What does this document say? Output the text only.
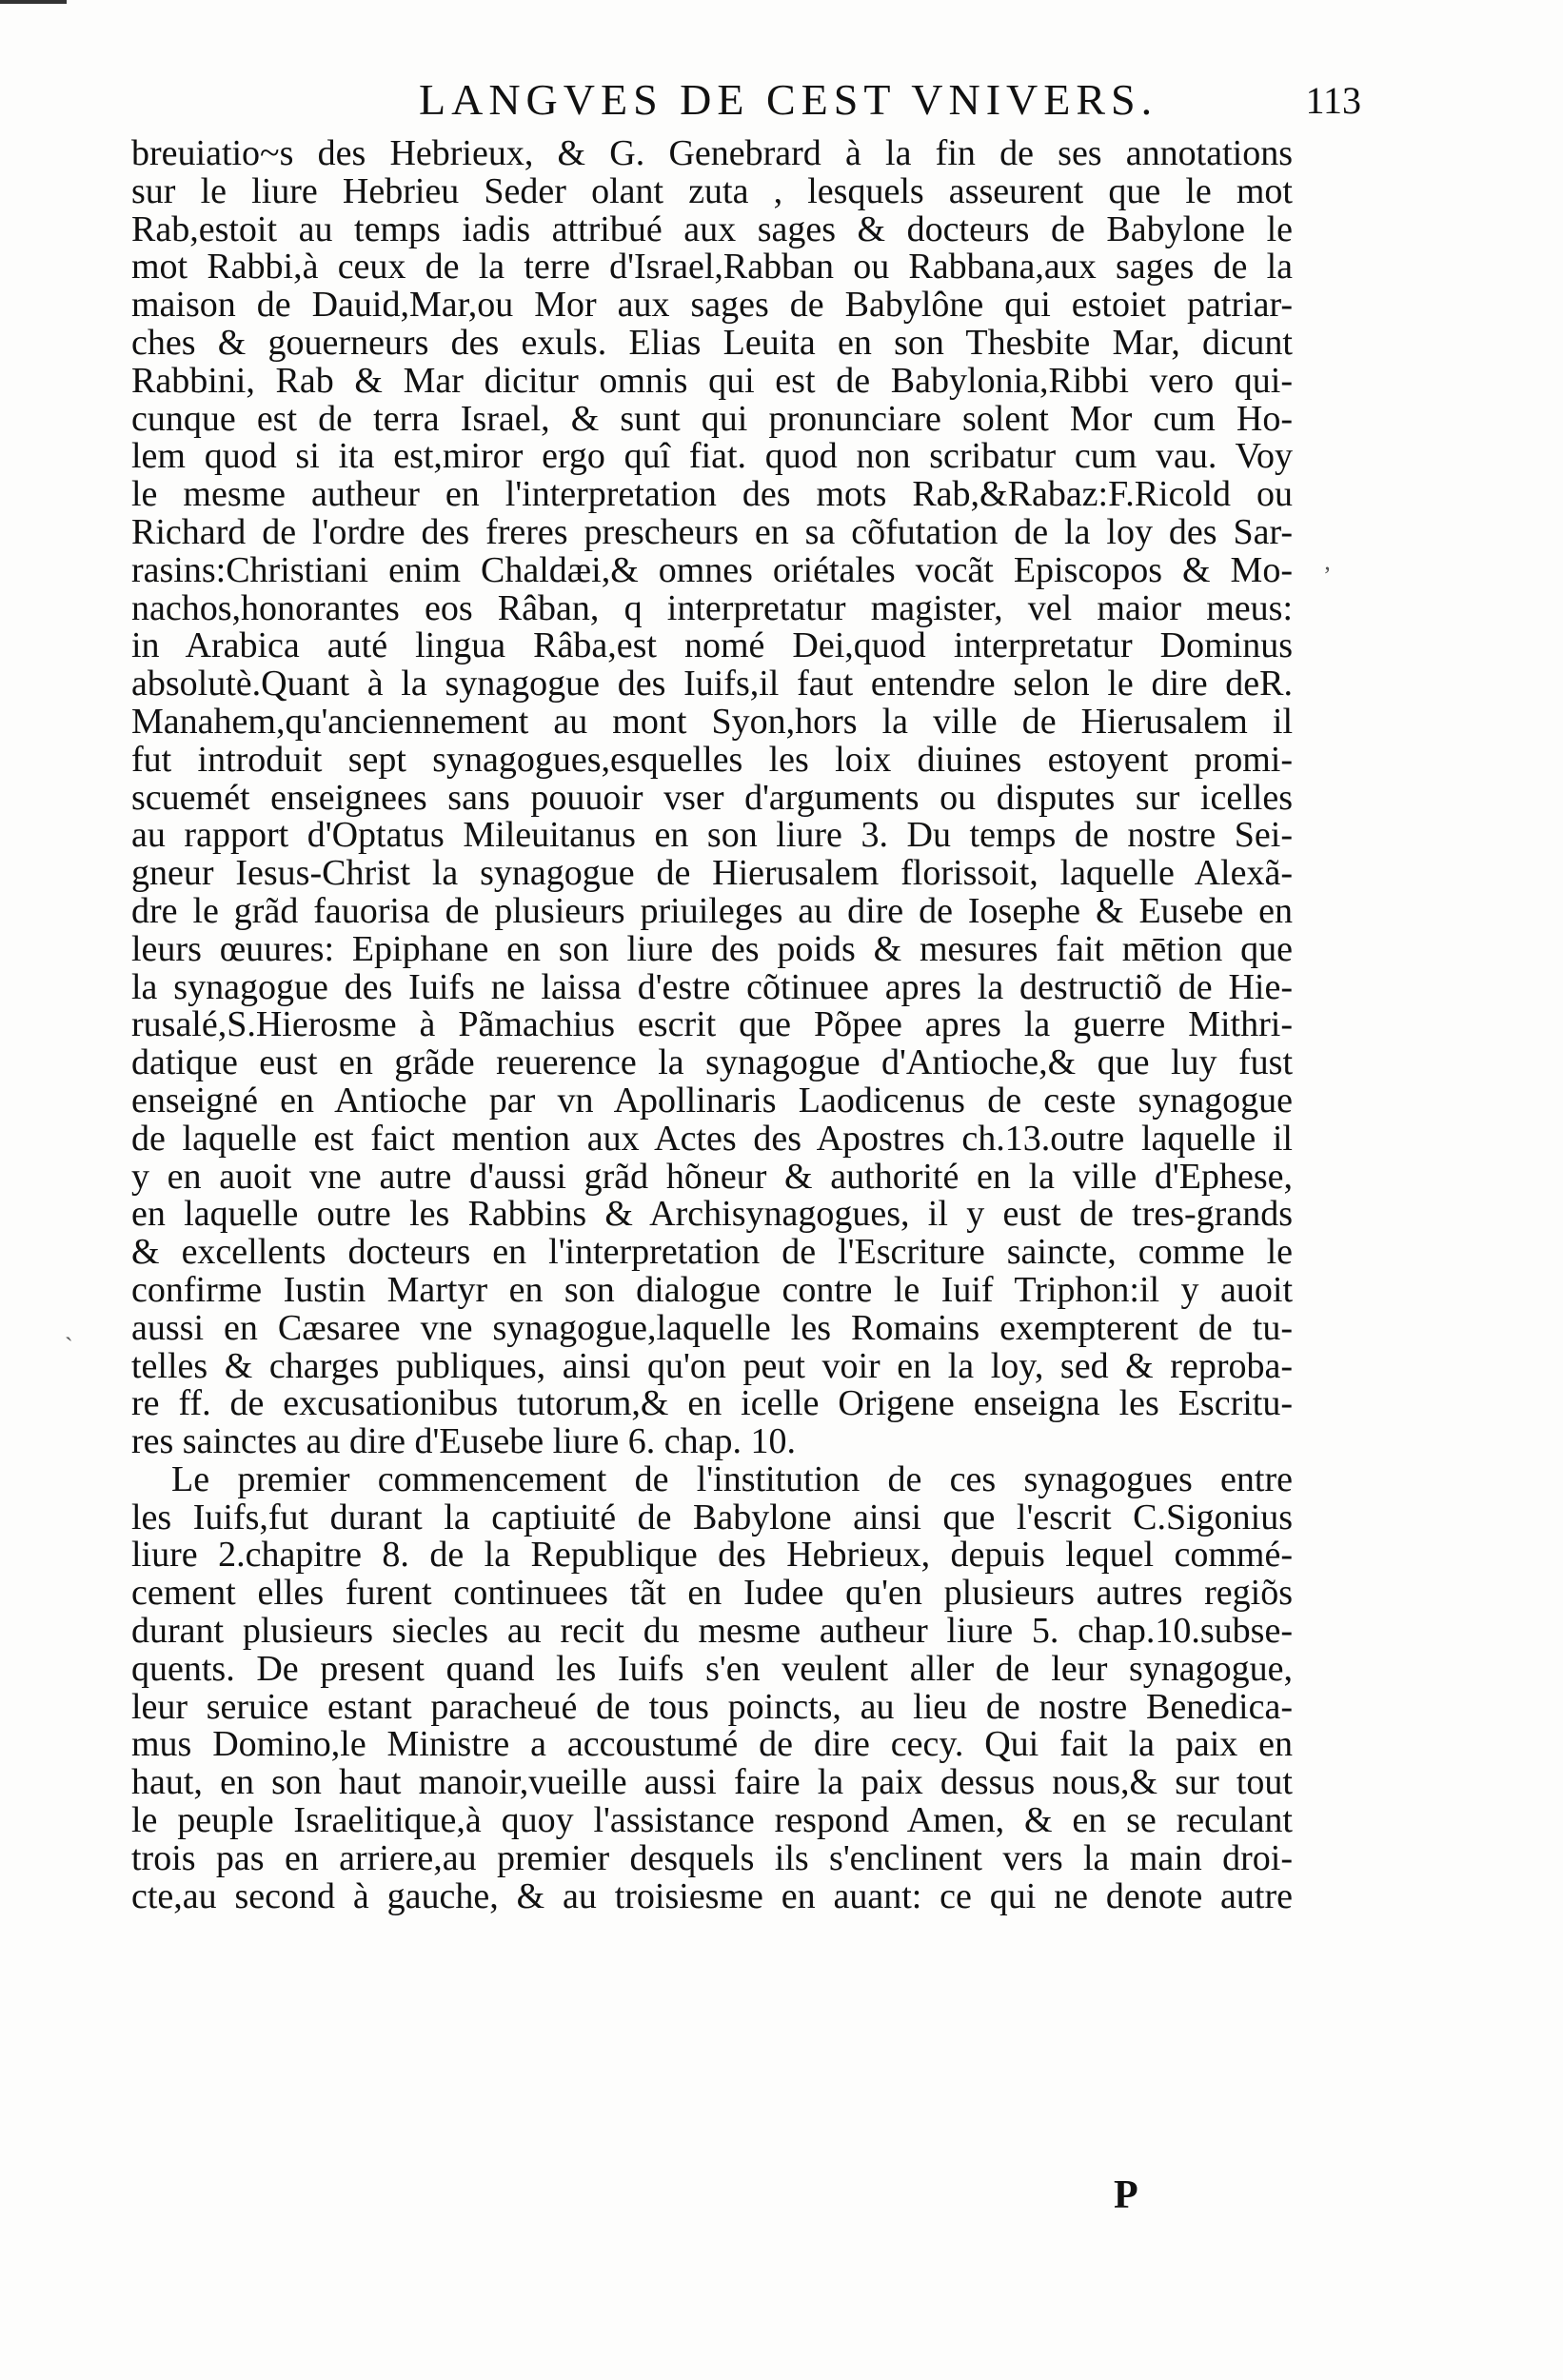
LANGVES DE CEST VNIVERS.	113
breuiatio~s des Hebrieux, & G. Genebrard à la fin de ses annotations
sur le liure Hebrieu Seder olant zuta , lesquels asseurent que le mot
Rab,estoit au temps iadis attribué aux sages & docteurs de Babylone le
mot Rabbi,à ceux de la terre d'Israel,Rabban ou Rabbana,aux sages de la
maison de Dauid,Mar,ou Mor aux sages de Babylône qui estoiet patriar-
ches & gouerneurs des exuls. Elias Leuita en son Thesbite Mar, dicunt
Rabbini, Rab & Mar dicitur omnis qui est de Babylonia,Ribbi vero qui-
cunque est de terra Israel, & sunt qui pronunciare solent Mor cum Ho-
lem quod si ita est,miror ergo quî fiat. quod non scribatur cum vau. Voy
le mesme autheur en l'interpretation des mots Rab,&Rabaz:F.Ricold ou
Richard de l'ordre des freres prescheurs en sa cõfutation de la loy des Sar-
rasins:Christiani enim Chaldæi,& omnes oriétales vocãt Episcopos & Mo-
nachos,honorantes eos Râban, q interpretatur magister, vel maior meus:
in Arabica auté lingua Râba,est nomé Dei,quod interpretatur Dominus
absolutè.Quant à la synagogue des Iuifs,il faut entendre selon le dire deR.
Manahem,qu'anciennement au mont Syon,hors la ville de Hierusalem il
fut introduit sept synagogues,esquelles les loix diuines estoyent promi-
scuemét enseignees sans pouuoir vser d'arguments ou disputes sur icelles
au rapport d'Optatus Mileuitanus en son liure 3. Du temps de nostre Sei-
gneur Iesus-Christ la synagogue de Hierusalem florissoit, laquelle Alexã-
dre le grãd fauorisa de plusieurs priuileges au dire de Iosephe & Eusebe en
leurs œuures: Epiphane en son liure des poids & mesures fait mētion que
la synagogue des Iuifs ne laissa d'estre cõtinuee apres la destructiõ de Hie-
rusalé,S.Hierosme à Pãmachius escrit que Põpee apres la guerre Mithri-
datique eust en grãde reuerence la synagogue d'Antioche,& que luy fust
enseigné en Antioche par vn Apollinaris Laodicenus de ceste synagogue
de laquelle est faict mention aux Actes des Apostres ch.13.outre laquelle il
y en auoit vne autre d'aussi grãd hõneur & authorité en la ville d'Ephese,
en laquelle outre les Rabbins & Archisynagogues, il y eust de tres-grands
& excellents docteurs en l'interpretation de l'Escriture saincte, comme le
confirme Iustin Martyr en son dialogue contre le Iuif Triphon:il y auoit
aussi en Cæsaree vne synagogue,laquelle les Romains exempterent de tu-
telles & charges publiques, ainsi qu'on peut voir en la loy, sed & reproba-
re ff. de excusationibus tutorum,& en icelle Origene enseigna les Escritu-
res sainctes au dire d'Eusebe liure 6. chap. 10.
Le premier commencement de l'institution de ces synagogues entre
les Iuifs,fut durant la captiuité de Babylone ainsi que l'escrit C.Sigonius
liure 2.chapitre 8. de la Republique des Hebrieux, depuis lequel commé-
cement elles furent continuees tãt en Iudee qu'en plusieurs autres regiõs
durant plusieurs siecles au recit du mesme autheur liure 5. chap.10.subse-
quents. De present quand les Iuifs s'en veulent aller de leur synagogue,
leur seruice estant paracheué de tous poincts, au lieu de nostre Benedica-
mus Domino,le Ministre a accoustumé de dire cecy. Qui fait la paix en
haut, en son haut manoir,vueille aussi faire la paix dessus nous,& sur tout
le peuple Israelitique,à quoy l'assistance respond Amen, & en se reculant
trois pas en arriere,au premier desquels ils s'enclinent vers la main droi-
cte,au second à gauche, & au troisiesme en auant: ce qui ne denote autre
P
ʼ
ˏ
